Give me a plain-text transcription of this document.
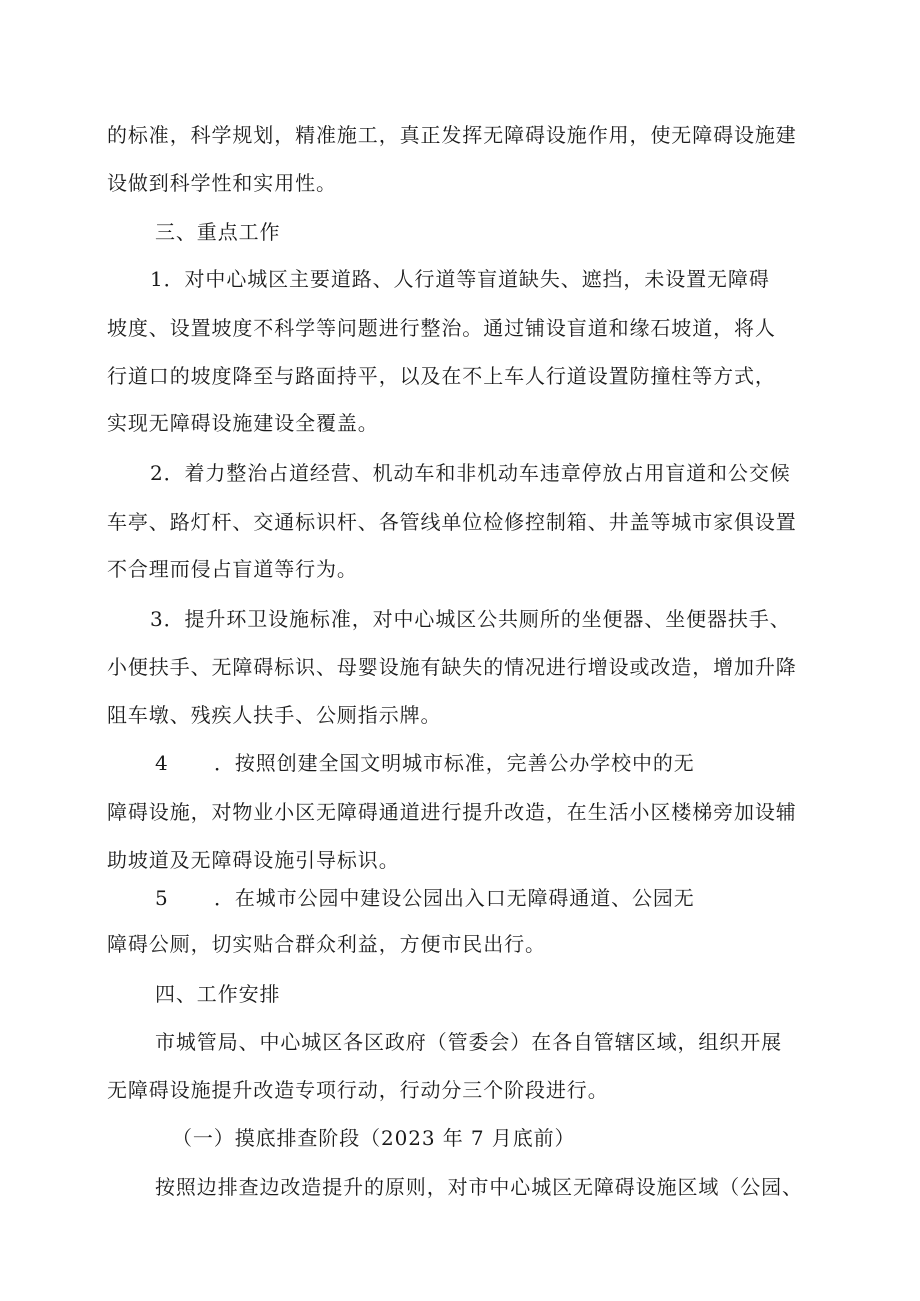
的标准，科学规划，精准施工，真正发挥无障碍设施作用，使无障碍设施建
设做到科学性和实用性。
三、重点工作
1．对中心城区主要道路、人行道等盲道缺失、遮挡，未设置无障碍
坡度、设置坡度不科学等问题进行整治。通过铺设盲道和缘石坡道，将人
行道口的坡度降至与路面持平，以及在不上车人行道设置防撞柱等方式，
实现无障碍设施建设全覆盖。
2．着力整治占道经营、机动车和非机动车违章停放占用盲道和公交候
车亭、路灯杆、交通标识杆、各管线单位检修控制箱、井盖等城市家俱设置
不合理而侵占盲道等行为。
3．提升环卫设施标准，对中心城区公共厕所的坐便器、坐便器扶手、
小便扶手、无障碍标识、母婴设施有缺失的情况进行增设或改造，增加升降
阻车墩、残疾人扶手、公厕指示牌。
4 ．按照创建全国文明城市标准，完善公办学校中的无
障碍设施，对物业小区无障碍通道进行提升改造，在生活小区楼梯旁加设辅
助坡道及无障碍设施引导标识。
5 ．在城市公园中建设公园出入口无障碍通道、公园无
障碍公厕，切实贴合群众利益，方便市民出行。
四、工作安排
市城管局、中心城区各区政府（管委会）在各自管辖区域，组织开展
无障碍设施提升改造专项行动，行动分三个阶段进行。
（一）摸底排查阶段（2023 年 7 月底前）
按照边排查边改造提升的原则，对市中心城区无障碍设施区域（公园、
